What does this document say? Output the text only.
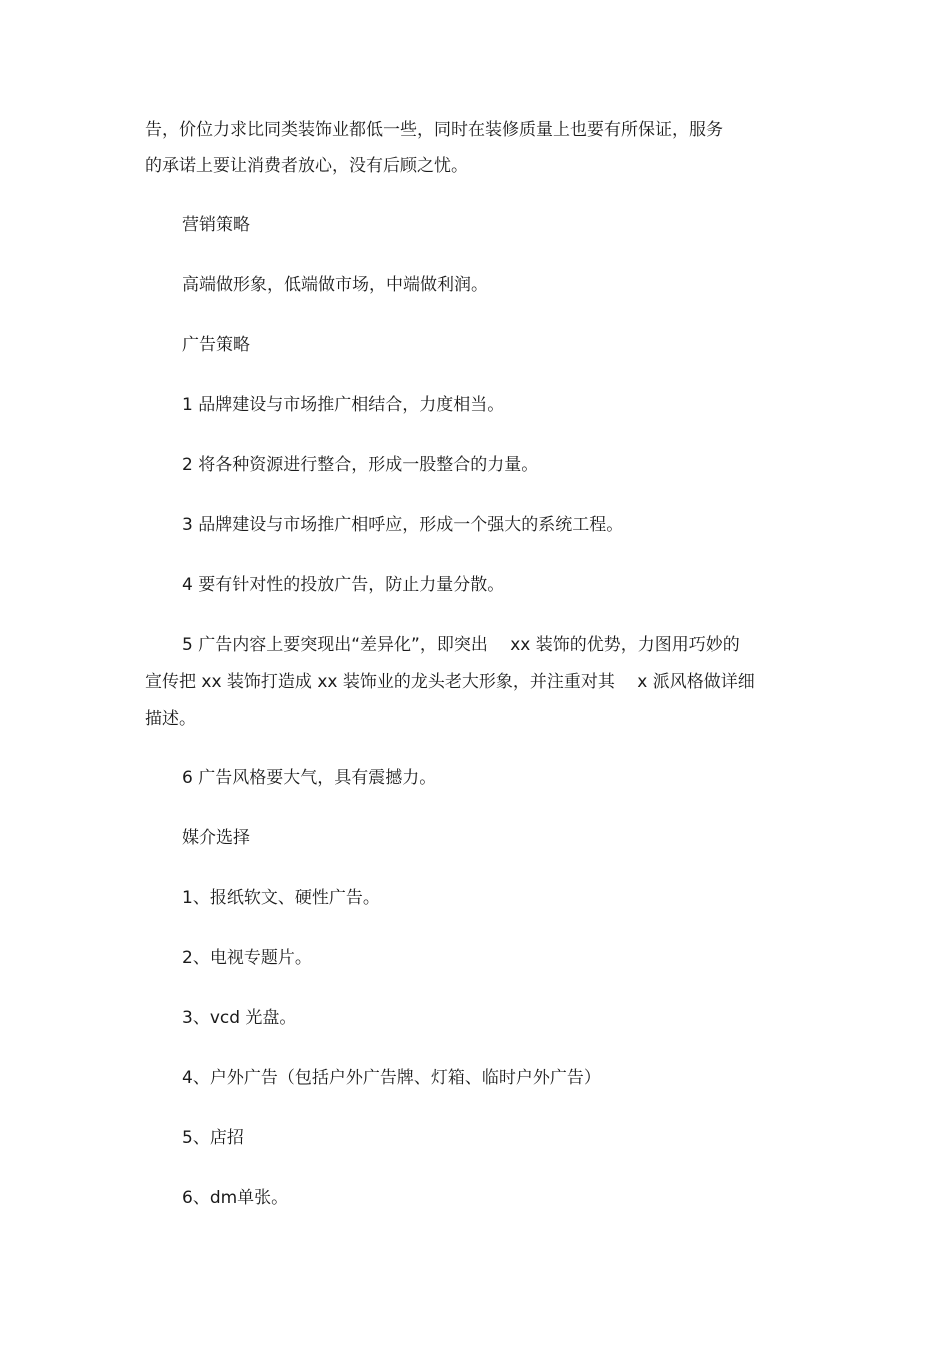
告，价位力求比同类装饰业都低一些，同时在装修质量上也要有所保证，服务
的承诺上要让消费者放心，没有后顾之忧。
营销策略
高端做形象，低端做市场，中端做利润。
广告策略
1 品牌建设与市场推广相结合，力度相当。
2 将各种资源进行整合，形成一股整合的力量。
3 品牌建设与市场推广相呼应，形成一个强大的系统工程。
4 要有针对性的投放广告，防止力量分散。
5 广告内容上要突现出“差异化”，即突出　 xx 装饰的优势，力图用巧妙的
宣传把 xx 装饰打造成 xx 装饰业的龙头老大形象，并注重对其　 x 派风格做详细
描述。
6 广告风格要大气，具有震撼力。
媒介选择
1、报纸软文、硬性广告。
2、电视专题片。
3、vcd 光盘。
4、户外广告（包括户外广告牌、灯箱、临时户外广告）
5、店招
6、dm单张。
